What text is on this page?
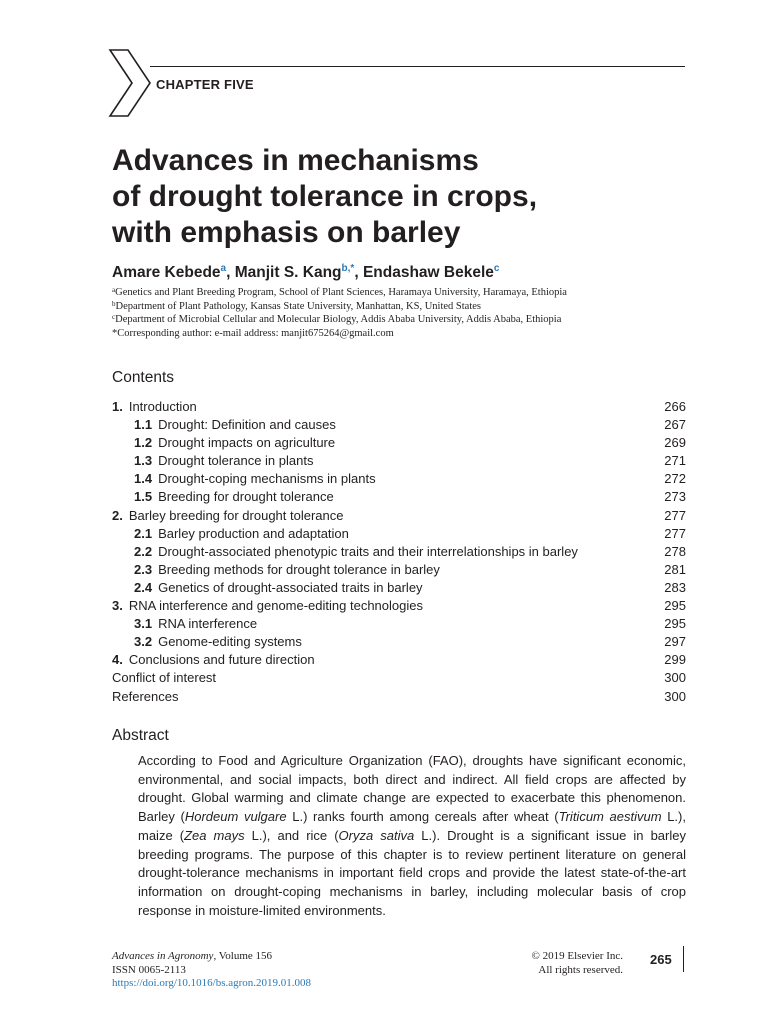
CHAPTER FIVE
Advances in mechanisms
of drought tolerance in crops,
with emphasis on barley
Amare Kebede$^a$, Manjit S. Kang$^{b,*}$, Endashaw Bekele$^c$
$^a$Genetics and Plant Breeding Program, School of Plant Sciences, Haramaya University, Haramaya, Ethiopia
$^b$Department of Plant Pathology, Kansas State University, Manhattan, KS, United States
$^c$Department of Microbial Cellular and Molecular Biology, Addis Ababa University, Addis Ababa, Ethiopia
*Corresponding author: e-mail address: manjit675264@gmail.com
Contents
1. Introduction	266
1.1 Drought: Definition and causes	267
1.2 Drought impacts on agriculture	269
1.3 Drought tolerance in plants	271
1.4 Drought-coping mechanisms in plants	272
1.5 Breeding for drought tolerance	273
2. Barley breeding for drought tolerance	277
2.1 Barley production and adaptation	277
2.2 Drought-associated phenotypic traits and their interrelationships in barley	278
2.3 Breeding methods for drought tolerance in barley	281
2.4 Genetics of drought-associated traits in barley	283
3. RNA interference and genome-editing technologies	295
3.1 RNA interference	295
3.2 Genome-editing systems	297
4. Conclusions and future direction	299
Conflict of interest	300
References	300
Abstract

According to Food and Agriculture Organization (FAO), droughts have significant economic, environmental, and social impacts, both direct and indirect. All field crops are affected by drought. Global warming and climate change are expected to exacerbate this phenomenon. Barley (Hordeum vulgare L.) ranks fourth among cereals after wheat (Triticum aestivum L.), maize (Zea mays L.), and rice (Oryza sativa L.). Drought is a significant issue in barley breeding programs. The purpose of this chapter is to review pertinent literature on general drought-tolerance mechanisms in important field crops and provide the latest state-of-the-art information on drought-coping mechanisms in barley, including molecular basis of crop response in moisture-limited environments.

Advances in Agronomy, Volume 156
ISSN 0065-2113
https://doi.org/10.1016/bs.agron.2019.01.008
© 2019 Elsevier Inc.
All rights reserved.
265
